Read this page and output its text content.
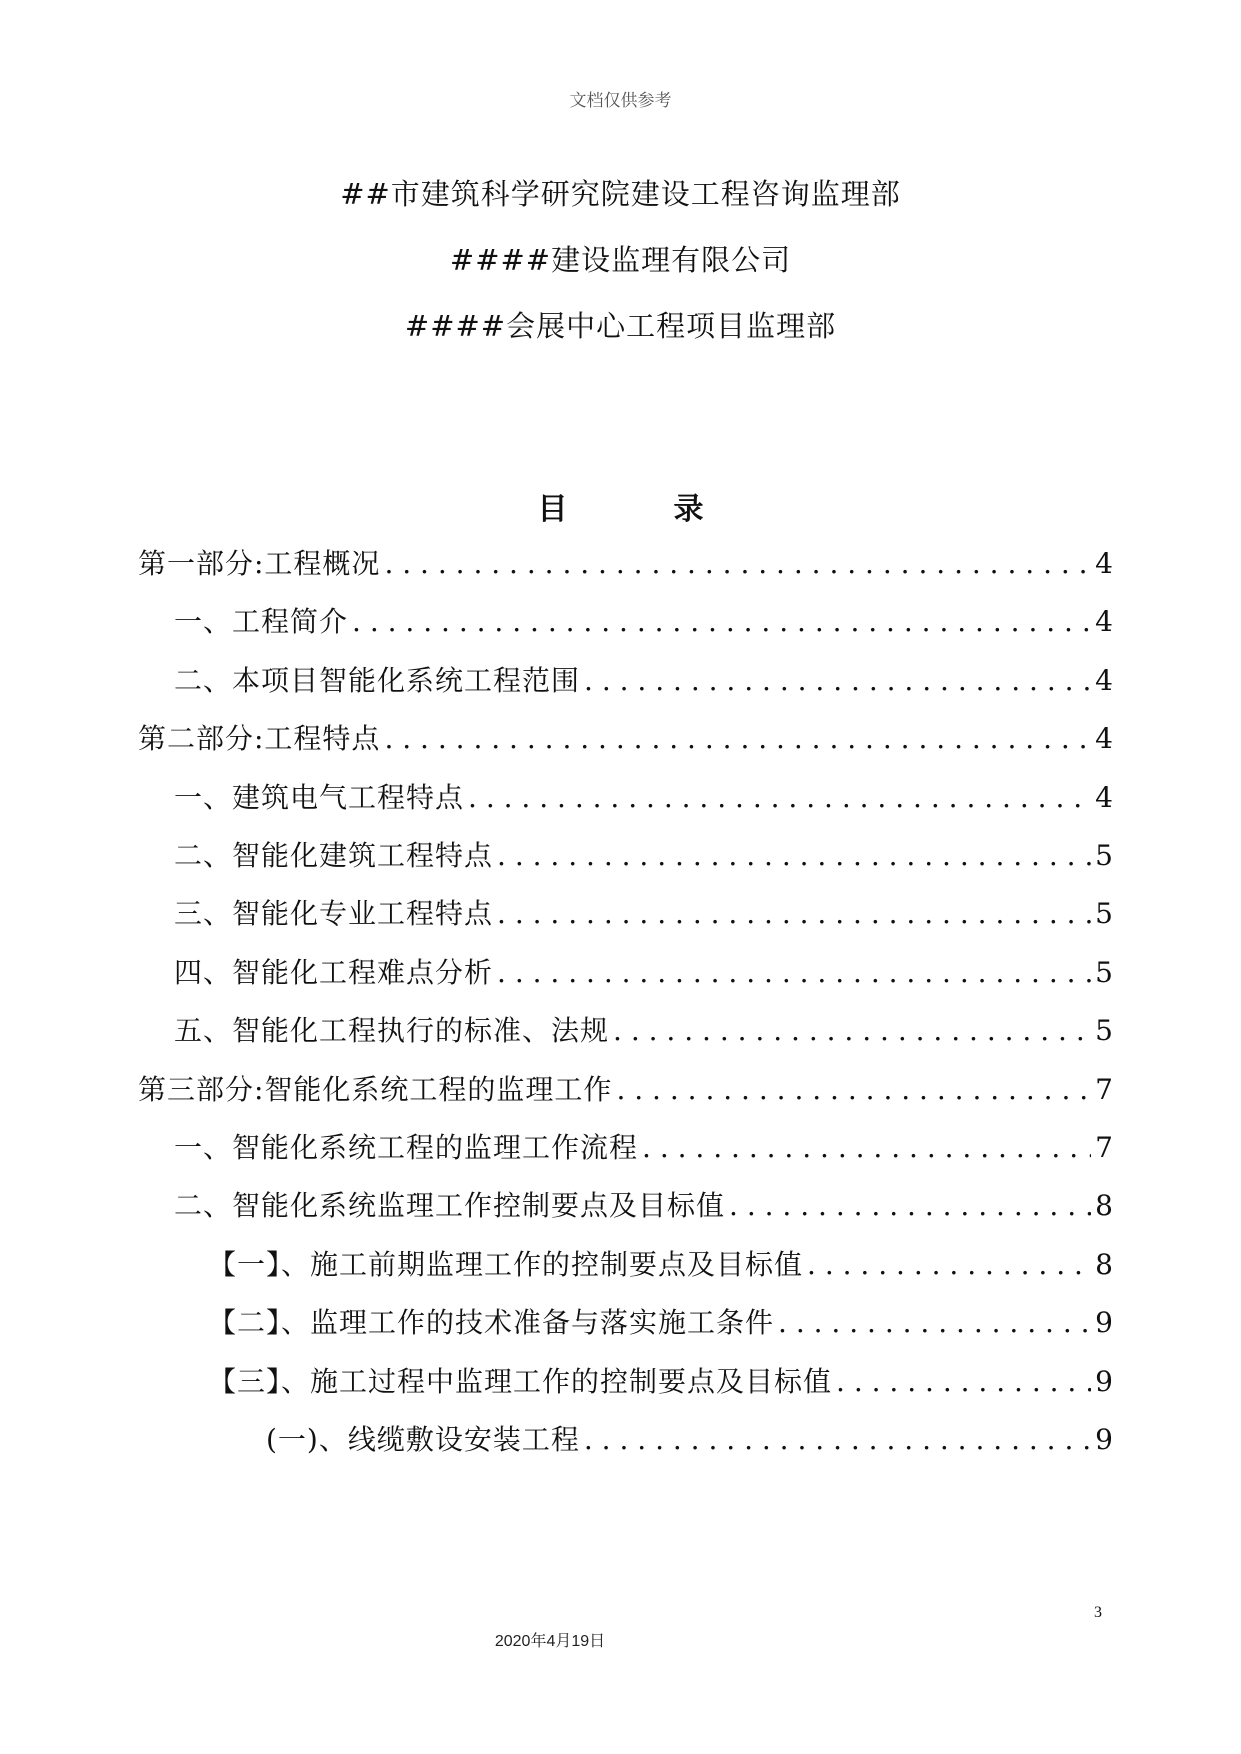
文档仅供参考
##市建筑科学研究院建设工程咨询监理部
####建设监理有限公司
####会展中心工程项目监理部
目　录
第一部分:工程概况 . . .	4
一、工程简介 . . .	4
二、本项目智能化系统工程范围 . . .	4
第二部分:工程特点 . . .	4
一、建筑电气工程特点 . . .	4
二、智能化建筑工程特点 . . .	5
三、智能化专业工程特点 . . .	5
四、智能化工程难点分析 . . .	5
五、智能化工程执行的标准、法规 . . .	5
第三部分:智能化系统工程的监理工作 . . .	7
一、智能化系统工程的监理工作流程 . . .	7
二、智能化系统监理工作控制要点及目标值 . . .	8
【一】、施工前期监理工作的控制要点及目标值 . . .	8
【二】、监理工作的技术准备与落实施工条件 . . .	9
【三】、施工过程中监理工作的控制要点及目标值 . . .	9
(一)、线缆敷设安装工程 . . .	9
3
2020年4月19日
